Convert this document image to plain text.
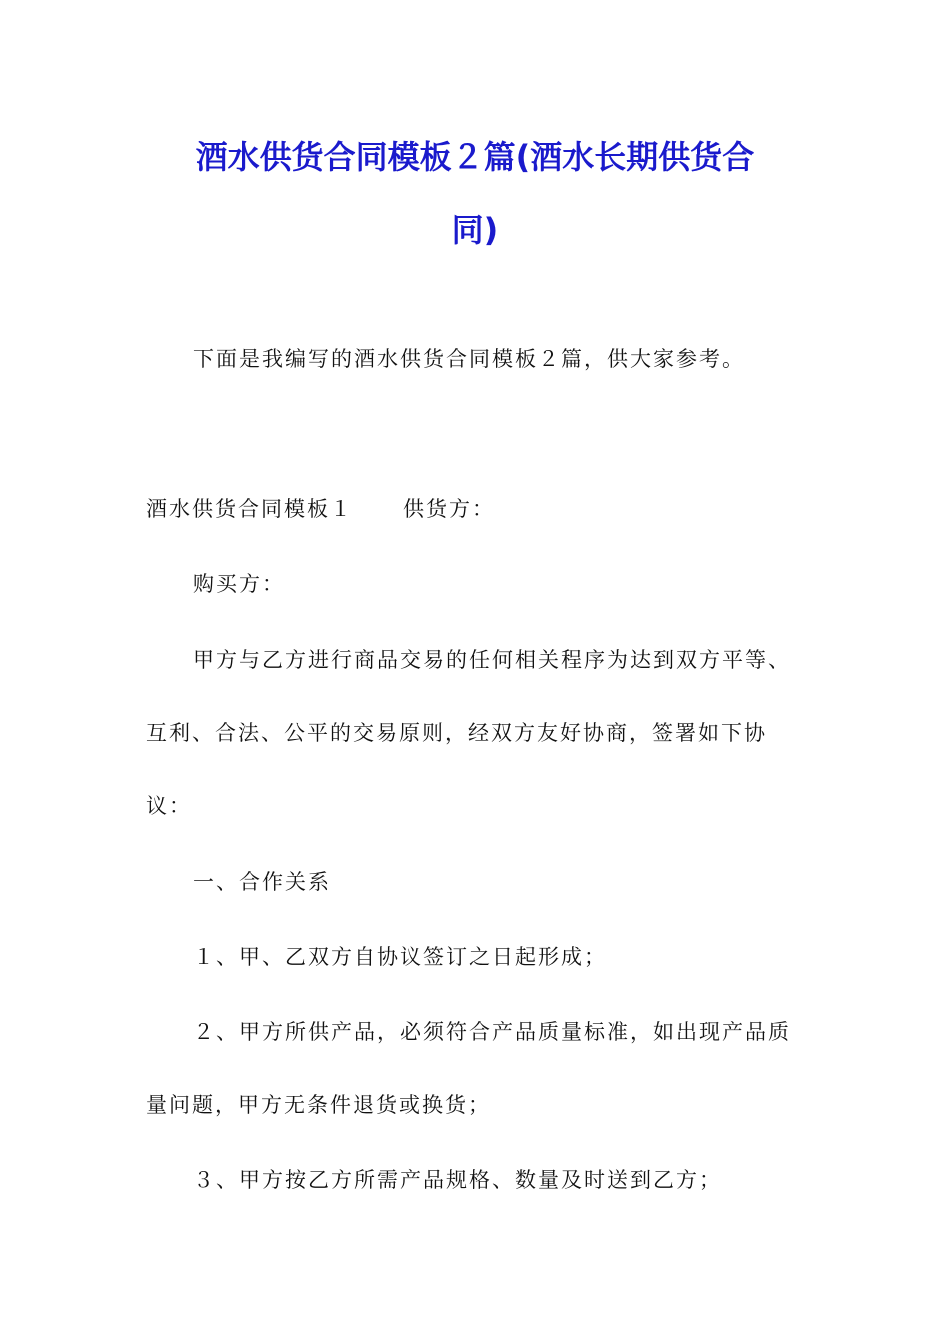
酒水供货合同模板２篇(酒水长期供货合
同)
下面是我编写的酒水供货合同模板２篇，供大家参考。
酒水供货合同模板１ 供货方：
购买方：
甲方与乙方进行商品交易的任何相关程序为达到双方平等、
互利、合法、公平的交易原则，经双方友好协商，签署如下协
议：
一、合作关系
１、甲、乙双方自协议签订之日起形成；
２、甲方所供产品，必须符合产品质量标准，如出现产品质
量问题，甲方无条件退货或换货；
３、甲方按乙方所需产品规格、数量及时送到乙方；
